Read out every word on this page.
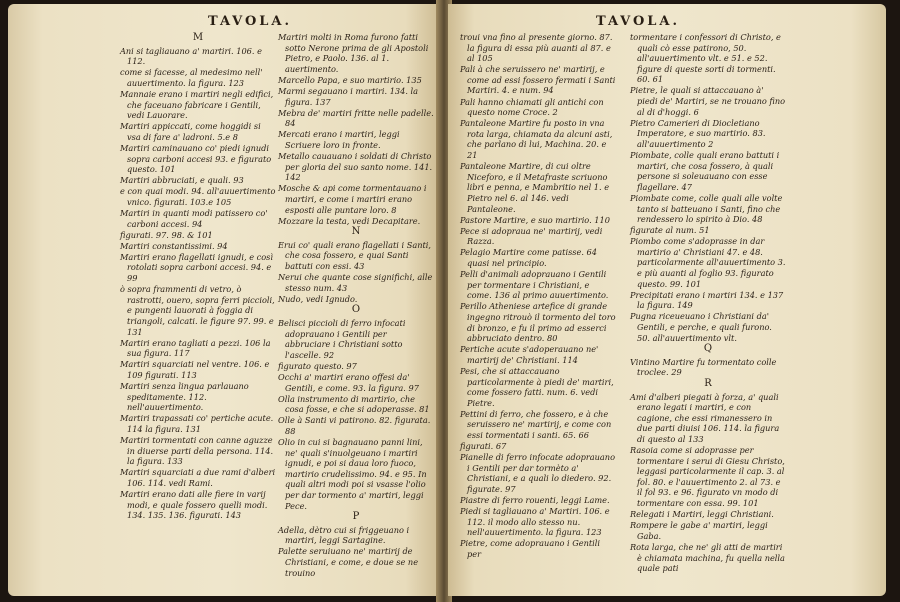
TAVOLA.

M

Ani si tagliauano a' martiri. 106. e 112.

come si facesse, al medesimo nell' auuertimento. la figura. 123

Mannaie erano i martiri negli edifici, che faceuano fabricare i Gentili, vedi Lauorare.

Martiri appiccati, come hoggidi si vsa di fare a' ladroni. 5.e 8

Martiri caminauano co' piedi ignudi sopra carboni accesi 93. e figurato questo. 101

Martiri abbruciati, e quali. 93

e con quai modi. 94. all'auuertimento vnico. figurati. 103.e 105

Martiri in quanti modi patissero co' carboni accesi. 94

figurati. 97. 98. & 101

Martiri constantissimi. 94

Martiri erano flagellati ignudi, e così rotolati sopra carboni accesi. 94. e 99

ò sopra frammenti di vetro, ò rastrotti, ouero, sopra ferri piccioli, e pungenti lauorati à foggia di triangoli, calcati. le figure 97. 99. e 131

Martiri erano tagliati a pezzi. 106 la sua figura. 117

Martiri squarciati nel ventre. 106. e 109 figurati. 113

Martiri senza lingua parlauano speditamente. 112. nell'auuertimento.

Martiri trapassati co' pertiche acute. 114 la figura. 131

Martiri tormentati con canne aguzze in diuerse parti della persona. 114. la figura. 133

Martiri squarciati a due rami d'alberi 106. 114. vedi Rami.

Martiri erano dati alle fiere in varij modi, e quale fossero quelli modi. 134. 135. 136. figurati. 143

Martiri molti in Roma furono fatti sotto Nerone prima de gli Apostoli Pietro, e Paolo. 136. al 1. auertimento.

Marcello Papa, e suo martirio. 135

Marmi segauano i martiri. 134. la figura. 137

Mebra de' martiri fritte nelle padelle. 84

Mercati erano i martiri, leggi Scriuere loro in fronte.

Metallo cauauano i soldati di Christo per gloria del suo santo nome. 141. 142

Mosche & api come tormentauano i martiri, e come i martiri erano esposti alle puntare loro. 8

Mozzare la testa, vedi Decapitare.

N

Erui co' quali erano flagellati i Santi, che cosa fossero, e quai Santi battuti con essi. 43

Nerui che quante cose significhi, alle stesso num. 43

Nudo, vedi Ignudo.

O

Belisci piccioli di ferro infocati adoprauano i Gentili per abbruciare i Christiani sotto l'ascelle. 92

figurato questo. 97

Occhi a' martiri erano offesi da' Gentili, e come. 93. la figura. 97

Olla instrumento di martirio, che cosa fosse, e che si adoperasse. 81

Olle à Santi vi patirono. 82. figurata. 88

Olio in cui si bagnauano panni lini, ne' quali s'inuolgeuano i martiri ignudi, e poi si daua loro fuoco, martirio crudelissimo. 94. e 95. In quali altri modi poi si vsasse l'olio per dar tormento a' martiri, leggi Pece.

P

Adella, dètro cui si friggeuano i martiri, leggi Sartagine.

Palette seruiuano ne' martirij de Christiani, e come, e doue se ne trouino

TAVOLA.

troui vna fino al presente giorno. 87. la figura di essa più auanti al 87. e al 105

Pali à che seruissero ne' martirij, e come ad essi fossero fermati i Santi Martiri. 4. e num. 94

Pali hanno chiamati gli antichi con questo nome Croce. 2

Pantaleone Martire fu posto in vna rota larga, chiamata da alcuni asti, che parlano di lui, Machina. 20. e 21

Pantaleone Martire, di cui oltre Niceforo, e il Metafraste scriuono libri e penna, e Mambritio nel 1. e Pietro nel 6. al 146. vedi Pantaleone.

Pastore Martire, e suo martirio. 110

Pece si adopraua ne' martirij, vedi Razza.

Pelagio Martire come patisse. 64 quasi nel principio.

Pelli d'animali adoprauano i Gentili per tormentare i Christiani, e come. 136 al primo auuertimento.

Perillo Atheniese artefice di grande ingegno ritrouò il tormento del toro di bronzo, e fu il primo ad esserci abbruciato dentro. 80

Pertiche acute s'adoperauano ne' martirij de' Christiani. 114

Pesi, che si attaccauano particolarmente à piedi de' martiri, come fossero fatti. num. 6. vedi Pietre.

Pettini di ferro, che fossero, e à che seruissero ne' martirij, e come con essi tormentati i santi. 65. 66

figurati. 67

Pianelle di ferro infocate adoprauano i Gentili per dar tormèto a' Christiani, e a quali lo diedero. 92. figurate. 97

Piastre di ferro rouenti, leggi Lame.

Piedi si tagliauano a' Martiri. 106. e 112. il modo allo stesso nu. nell'auuertimento. la figura. 123

Pietre, come adoprauano i Gentili per

tormentare i confessori di Christo, e quali cò esse patirono, 50. all'auuertimento vlt. e 51. e 52. figure di queste sorti di tormenti. 60. 61

Pietre, le quali si attaccauano à' piedi de' Martiri, se ne trouano fino al di d'hoggi. 6

Pietro Camerieri di Diocletiano Imperatore, e suo martirio. 83. all'auuertimento 2

Piombate, colle quali erano battuti i martiri, che cosa fossero, à quali persone si soleuauano con esse flagellare. 47

Piombate come, colle quali alle volte tanto si batteuano i Santi, fino che rendessero lo spirito à Dio. 48

figurate al num. 51

Piombo come s'adoprasse in dar martirio a' Christiani 47. e 48. particolarmente all'auuertimento 3. e più auanti al foglio 93. figurato questo. 99. 101

Precipitati erano i martiri 134. e 137 la figura. 149

Pugna riceueuano i Christiani da' Gentili, e perche, e quali furono. 50. all'auuertimento vlt.

Q

Vintino Martire fu tormentato colle troclee. 29

R

Ami d'alberi piegati à forza, a' quali erano legati i martiri, e con cagione, che essi rimanessero in due parti diuisi 106. 114. la figura di questo al 133

Rasoia come si adoprasse per tormentare i serui di Giesu Christo, leggasi particolarmente il cap. 3. al fol. 80. e l'auuertimento 2. al 73. e il fol 93. e 96. figurato vn modo di tormentare con essa. 99. 101

Relegati i Martiri, leggi Christiani.

Rompere le gabe a' martiri, leggi Gaba.

Rota larga, che ne' gli atti de martiri è chiamata machina, fu quella nella quale pati
